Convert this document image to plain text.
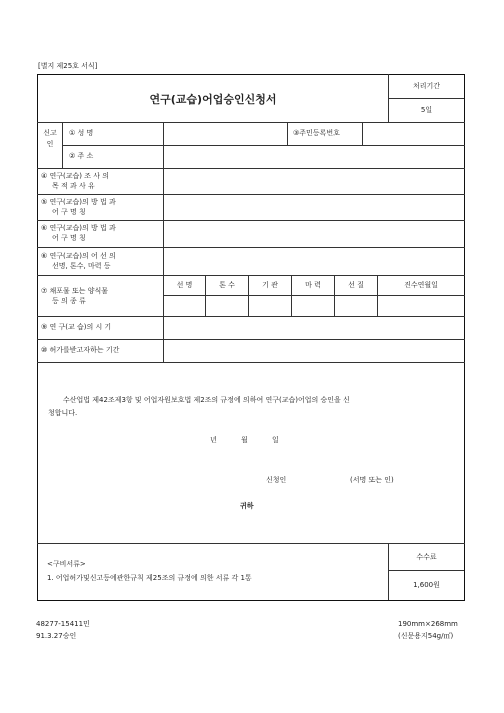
[별지 제25호 서식]
연구(교습)어업승인신청서
처리기간
5일
신고인
① 성 명	③주민등록번호
② 주 소
④ 연구(교습) 조 사 의
목 적 과 사 유
⑤ 연구(교습)의 방 법 과
어 구 명 칭
⑥ 연구(교습)의 방 법 과
어 구 명 칭
⑥ 연구(교습)의 어 선 의
선명, 톤수, 마력 등
⑦ 채포물 또는 양식물
등 의 종 류
⑨ 연 구(교 습)의 시 기
⑩ 허가를받고자하는 기간
선 명	톤 수	기 관	마 력	선 질	진수연월일
수산업법 제42조제3항 및 어업자원보호법 제2조의 규정에 의하여 연구(교습)어업의 승인을 신
청합니다.
년 월 일
신청인	(서명 또는 인)
귀하
<구비서류>
1. 어업허가및신고등에관한규칙 제25조의 규정에 의한 서류 각 1통
수수료
1,600원
48277-15411민
91.3.27승인
190mm×268mm
(신문용지54g/㎡)
